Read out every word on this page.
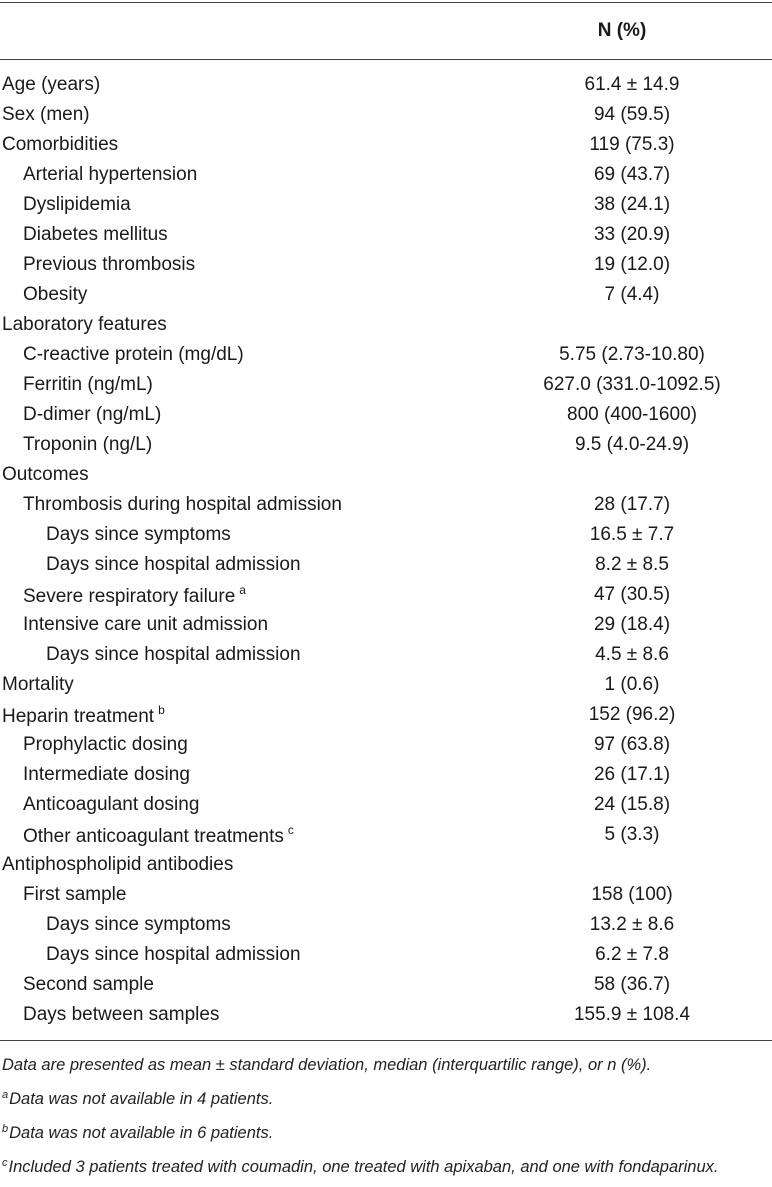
N (%)
Age (years)	61.4 ± 14.9
Sex (men)	94 (59.5)
Comorbidities	119 (75.3)
Arterial hypertension	69 (43.7)
Dyslipidemia	38 (24.1)
Diabetes mellitus	33 (20.9)
Previous thrombosis	19 (12.0)
Obesity	7 (4.4)
Laboratory features
C-reactive protein (mg/dL)	5.75 (2.73-10.80)
Ferritin (ng/mL)	627.0 (331.0-1092.5)
D-dimer (ng/mL)	800 (400-1600)
Troponin (ng/L)	9.5 (4.0-24.9)
Outcomes
Thrombosis during hospital admission	28 (17.7)
Days since symptoms	16.5 ± 7.7
Days since hospital admission	8.2 ± 8.5
Severe respiratory failure $^a$	47 (30.5)
Intensive care unit admission	29 (18.4)
Days since hospital admission	4.5 ± 8.6
Mortality	1 (0.6)
Heparin treatment $^b$	152 (96.2)
Prophylactic dosing	97 (63.8)
Intermediate dosing	26 (17.1)
Anticoagulant dosing	24 (15.8)
Other anticoagulant treatments $^c$	5 (3.3)
Antiphospholipid antibodies
First sample	158 (100)
Days since symptoms	13.2 ± 8.6
Days since hospital admission	6.2 ± 7.8
Second sample	58 (36.7)
Days between samples	155.9 ± 108.4

Data are presented as mean ± standard deviation, median (interquartilic range), or n (%).

$^a$Data was not available in 4 patients.

$^b$Data was not available in 6 patients.

$^c$Included 3 patients treated with coumadin, one treated with apixaban, and one with fondaparinux.
